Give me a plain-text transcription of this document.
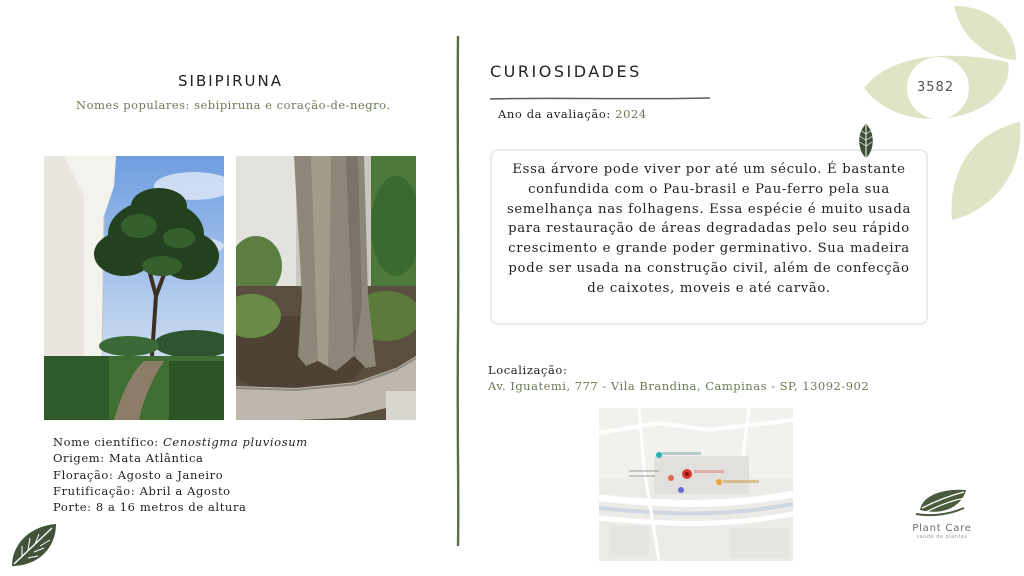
SIBIPIRUNA
Nomes populares: sebipiruna e coração-de-negro.
Nome científico: Cenostigma pluviosum
Origem: Mata Atlântica
Floração: Agosto a Janeiro
Frutificação: Abril a Agosto
Porte: 8 a 16 metros de altura
CURIOSIDADES
Ano da avaliação: 2024
Essa árvore pode viver por até um século. É bastante confundida com o Pau-brasil e Pau-ferro pela sua semelhança nas folhagens. Essa espécie é muito usada para restauração de áreas degradadas pelo seu rápido crescimento e grande poder germinativo. Sua madeira pode ser usada na construção civil, além de confecção de caixotes, moveis e até carvão.
Localização:
Av. Iguatemi, 777 - Vila Brandina, Campinas - SP, 13092-902
3582
Plant Care
saúde de plantas
